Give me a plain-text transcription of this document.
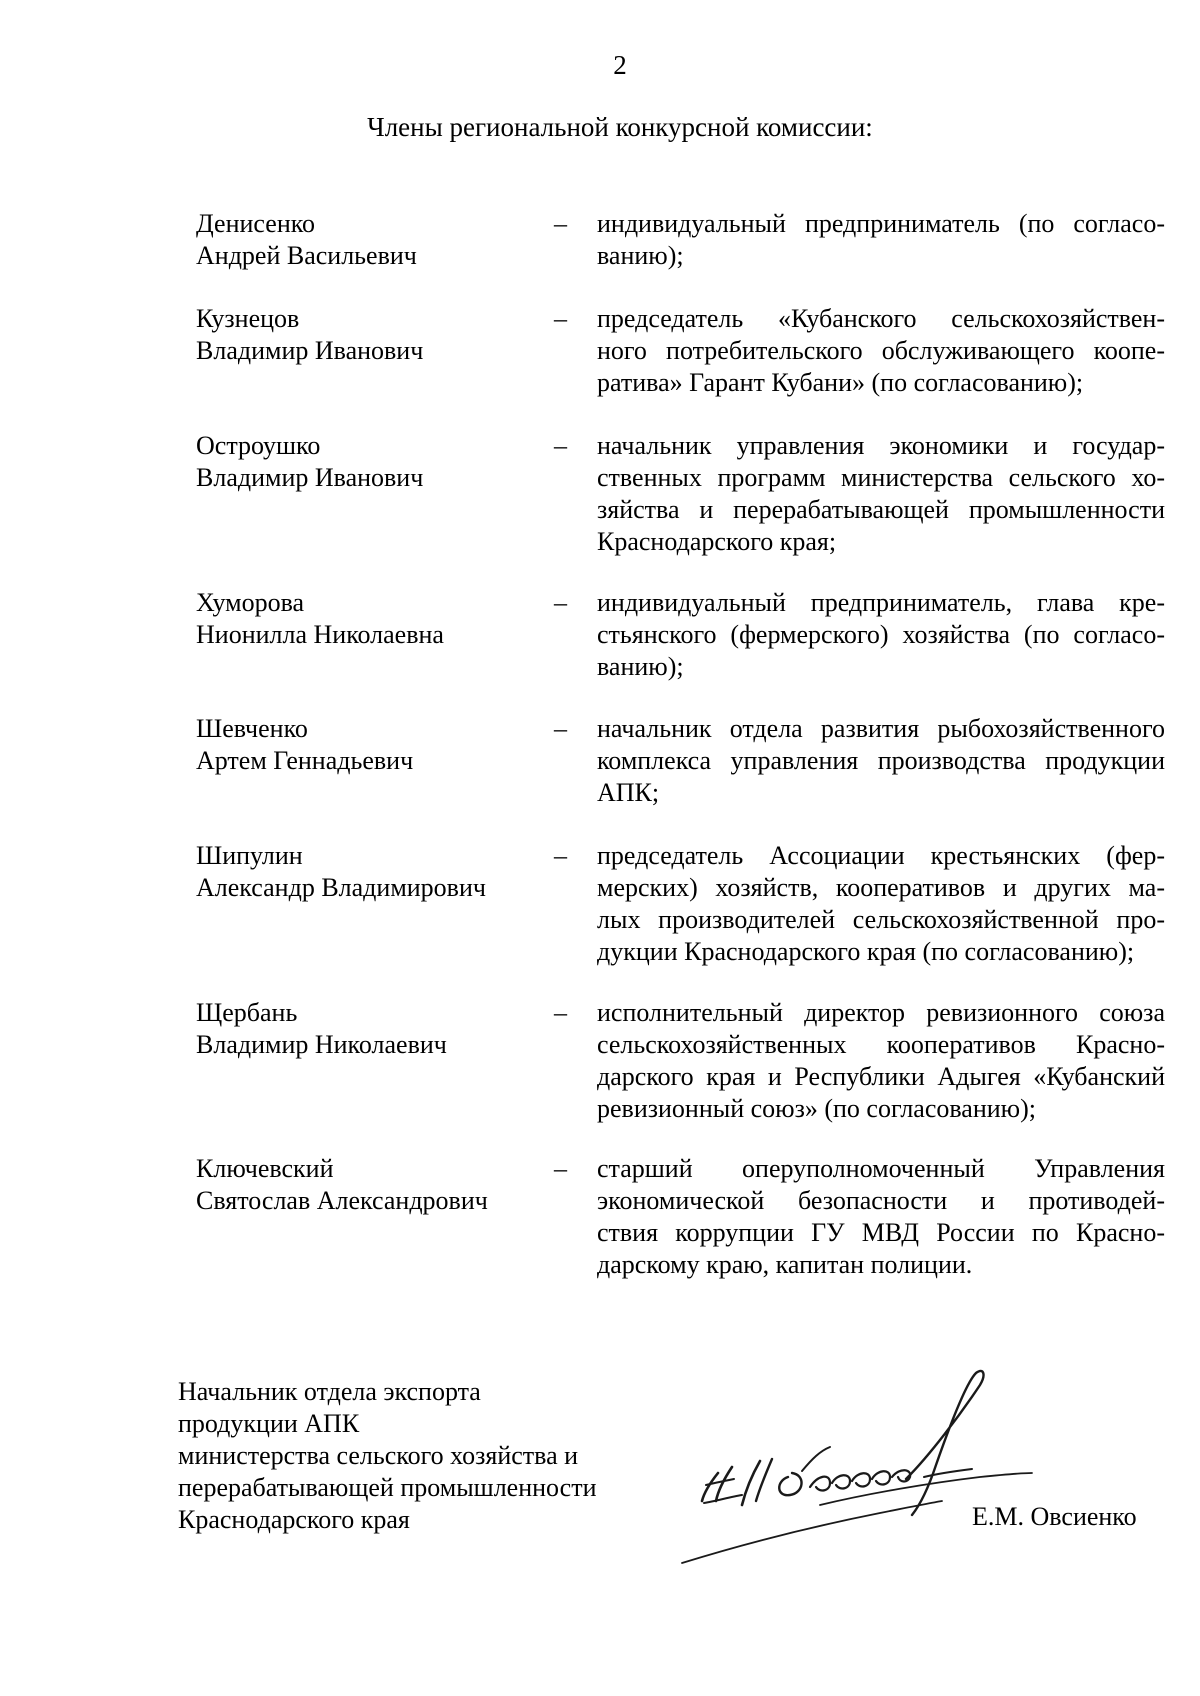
2
Члены региональной конкурсной комиссии:
Денисенко
Андрей Васильевич
– индивидуальный предприниматель (по согласо-
ванию);
Кузнецов
Владимир Иванович
– председатель «Кубанского сельскохозяйствен-
ного потребительского обслуживающего коопе-
ратива» Гарант Кубани» (по согласованию);
Остроушко
Владимир Иванович
– начальник управления экономики и государ-
ственных программ министерства сельского хо-
зяйства и перерабатывающей промышленности
Краснодарского края;
Хуморова
Нионилла Николаевна
– индивидуальный предприниматель, глава кре-
стьянского (фермерского) хозяйства (по согласо-
ванию);
Шевченко
Артем Геннадьевич
– начальник отдела развития рыбохозяйственного
комплекса управления производства продукции
АПК;
Шипулин
Александр Владимирович
– председатель Ассоциации крестьянских (фер-
мерских) хозяйств, кооперативов и других ма-
лых производителей сельскохозяйственной про-
дукции Краснодарского края (по согласованию);
Щербань
Владимир Николаевич
– исполнительный директор ревизионного союза
сельскохозяйственных кооперативов Красно-
дарского края и Республики Адыгея «Кубанский
ревизионный союз» (по согласованию);
Ключевский
Святослав Александрович
– старший оперуполномоченный Управления
экономической безопасности и противодей-
ствия коррупции ГУ МВД России по Красно-
дарскому краю, капитан полиции.
Начальник отдела экспорта
продукции АПК
министерства сельского хозяйства и
перерабатывающей промышленности
Краснодарского края	Е.М. Овсиенко
